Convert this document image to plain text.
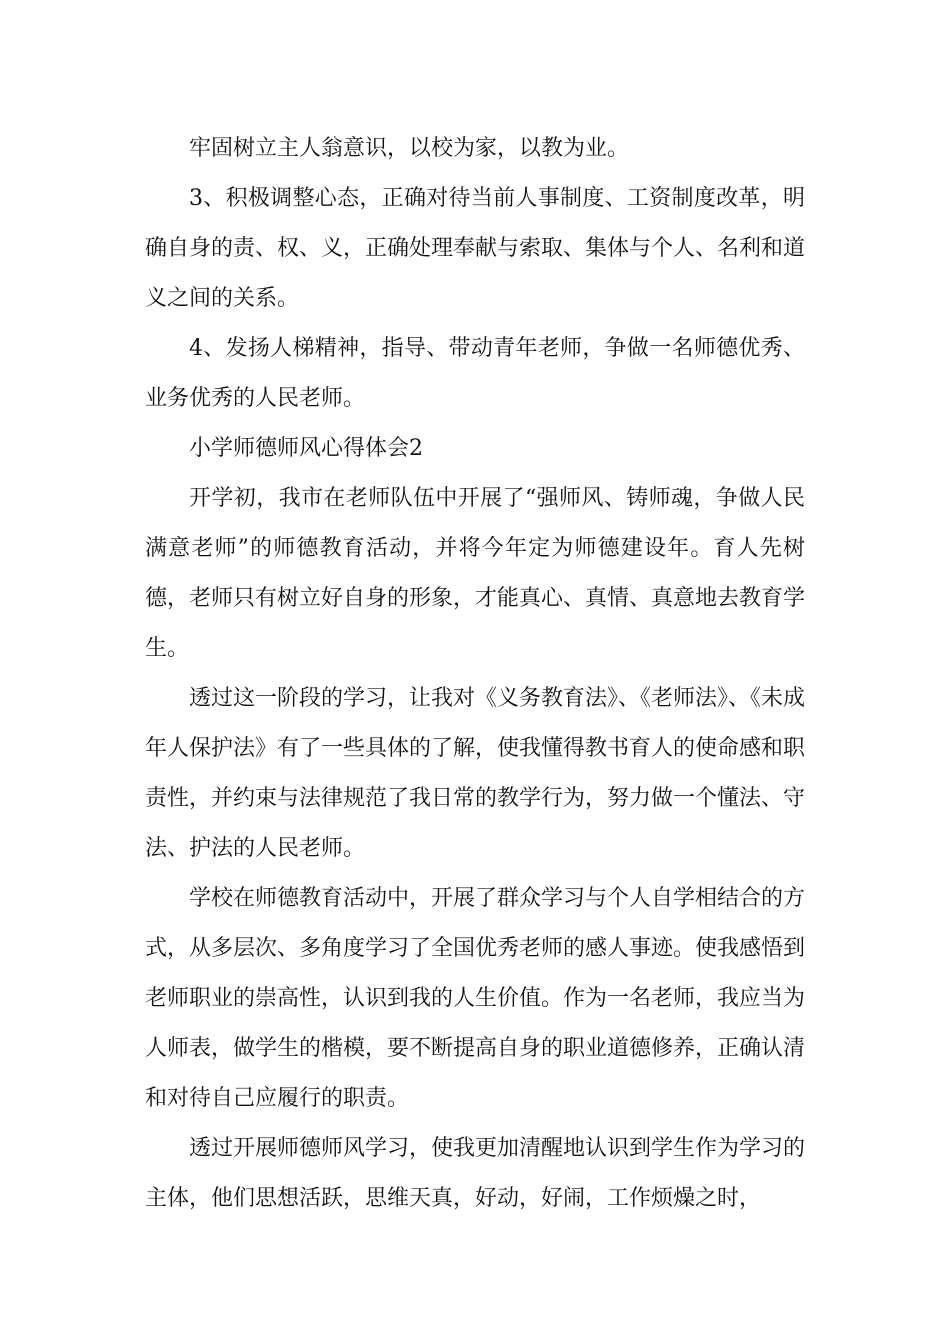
牢固树立主人翁意识，以校为家，以教为业。

3、积极调整心态，正确对待当前人事制度、工资制度改革，明确自身的责、权、义，正确处理奉献与索取、集体与个人、名利和道义之间的关系。

4、发扬人梯精神，指导、带动青年老师，争做一名师德优秀、业务优秀的人民老师。

小学师德师风心得体会2

开学初，我市在老师队伍中开展了“强师风、铸师魂，争做人民满意老师”的师德教育活动，并将今年定为师德建设年。育人先树德，老师只有树立好自身的形象，才能真心、真情、真意地去教育学生。

透过这一阶段的学习，让我对《义务教育法》、《老师法》、《未成年人保护法》有了一些具体的了解，使我懂得教书育人的使命感和职责性，并约束与法律规范了我日常的教学行为，努力做一个懂法、守法、护法的人民老师。

学校在师德教育活动中，开展了群众学习与个人自学相结合的方式，从多层次、多角度学习了全国优秀老师的感人事迹。使我感悟到老师职业的崇高性，认识到我的人生价值。作为一名老师，我应当为人师表，做学生的楷模，要不断提高自身的职业道德修养，正确认清和对待自己应履行的职责。

透过开展师德师风学习，使我更加清醒地认识到学生作为学习的主体，他们思想活跃，思维天真，好动，好闹，工作烦燥之时，
